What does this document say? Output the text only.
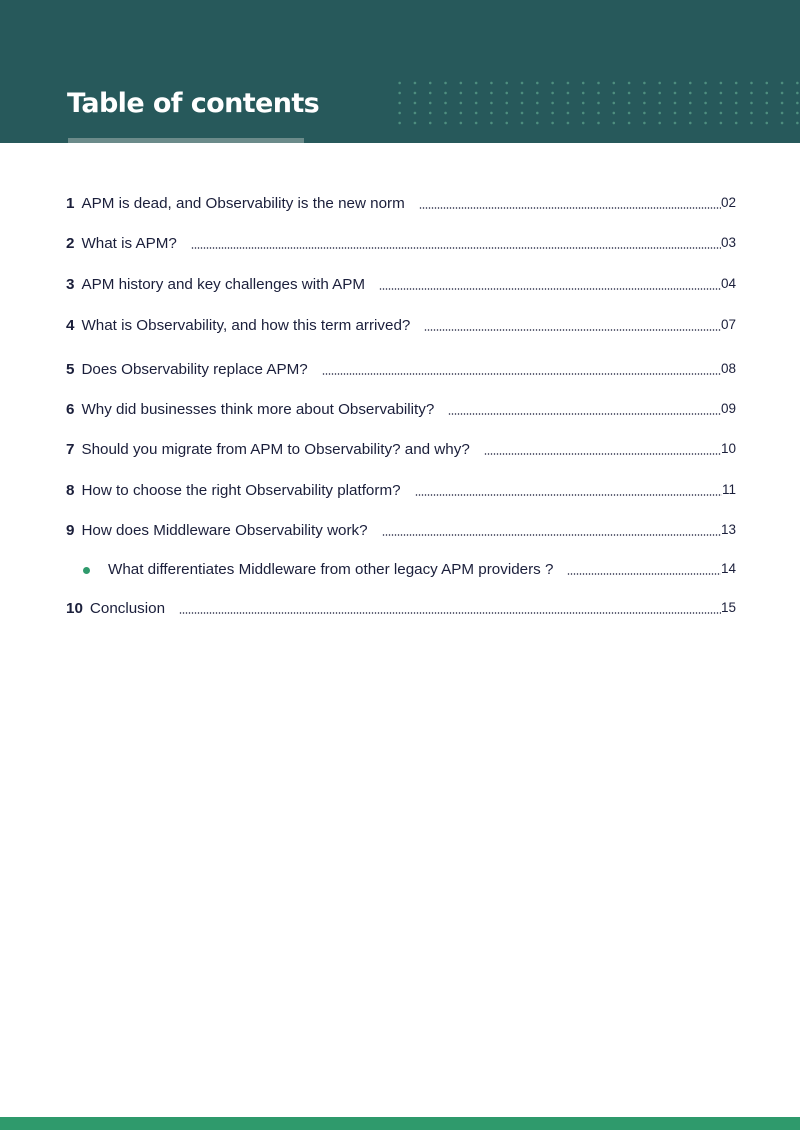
Table of contents
1 APM is dead, and Observability is the new norm	02
2 What is APM?	03
3 APM history and key challenges with APM	04
4 What is Observability, and how this term arrived?	07
5 Does Observability replace APM?	08
6 Why did businesses think more about Observability?	09
7 Should you migrate from APM to Observability? and why?	10
8 How to choose the right Observability platform?	11
9 How does Middleware Observability work?	13
What differentiates Middleware from other legacy APM providers ?	14
10 Conclusion	15
